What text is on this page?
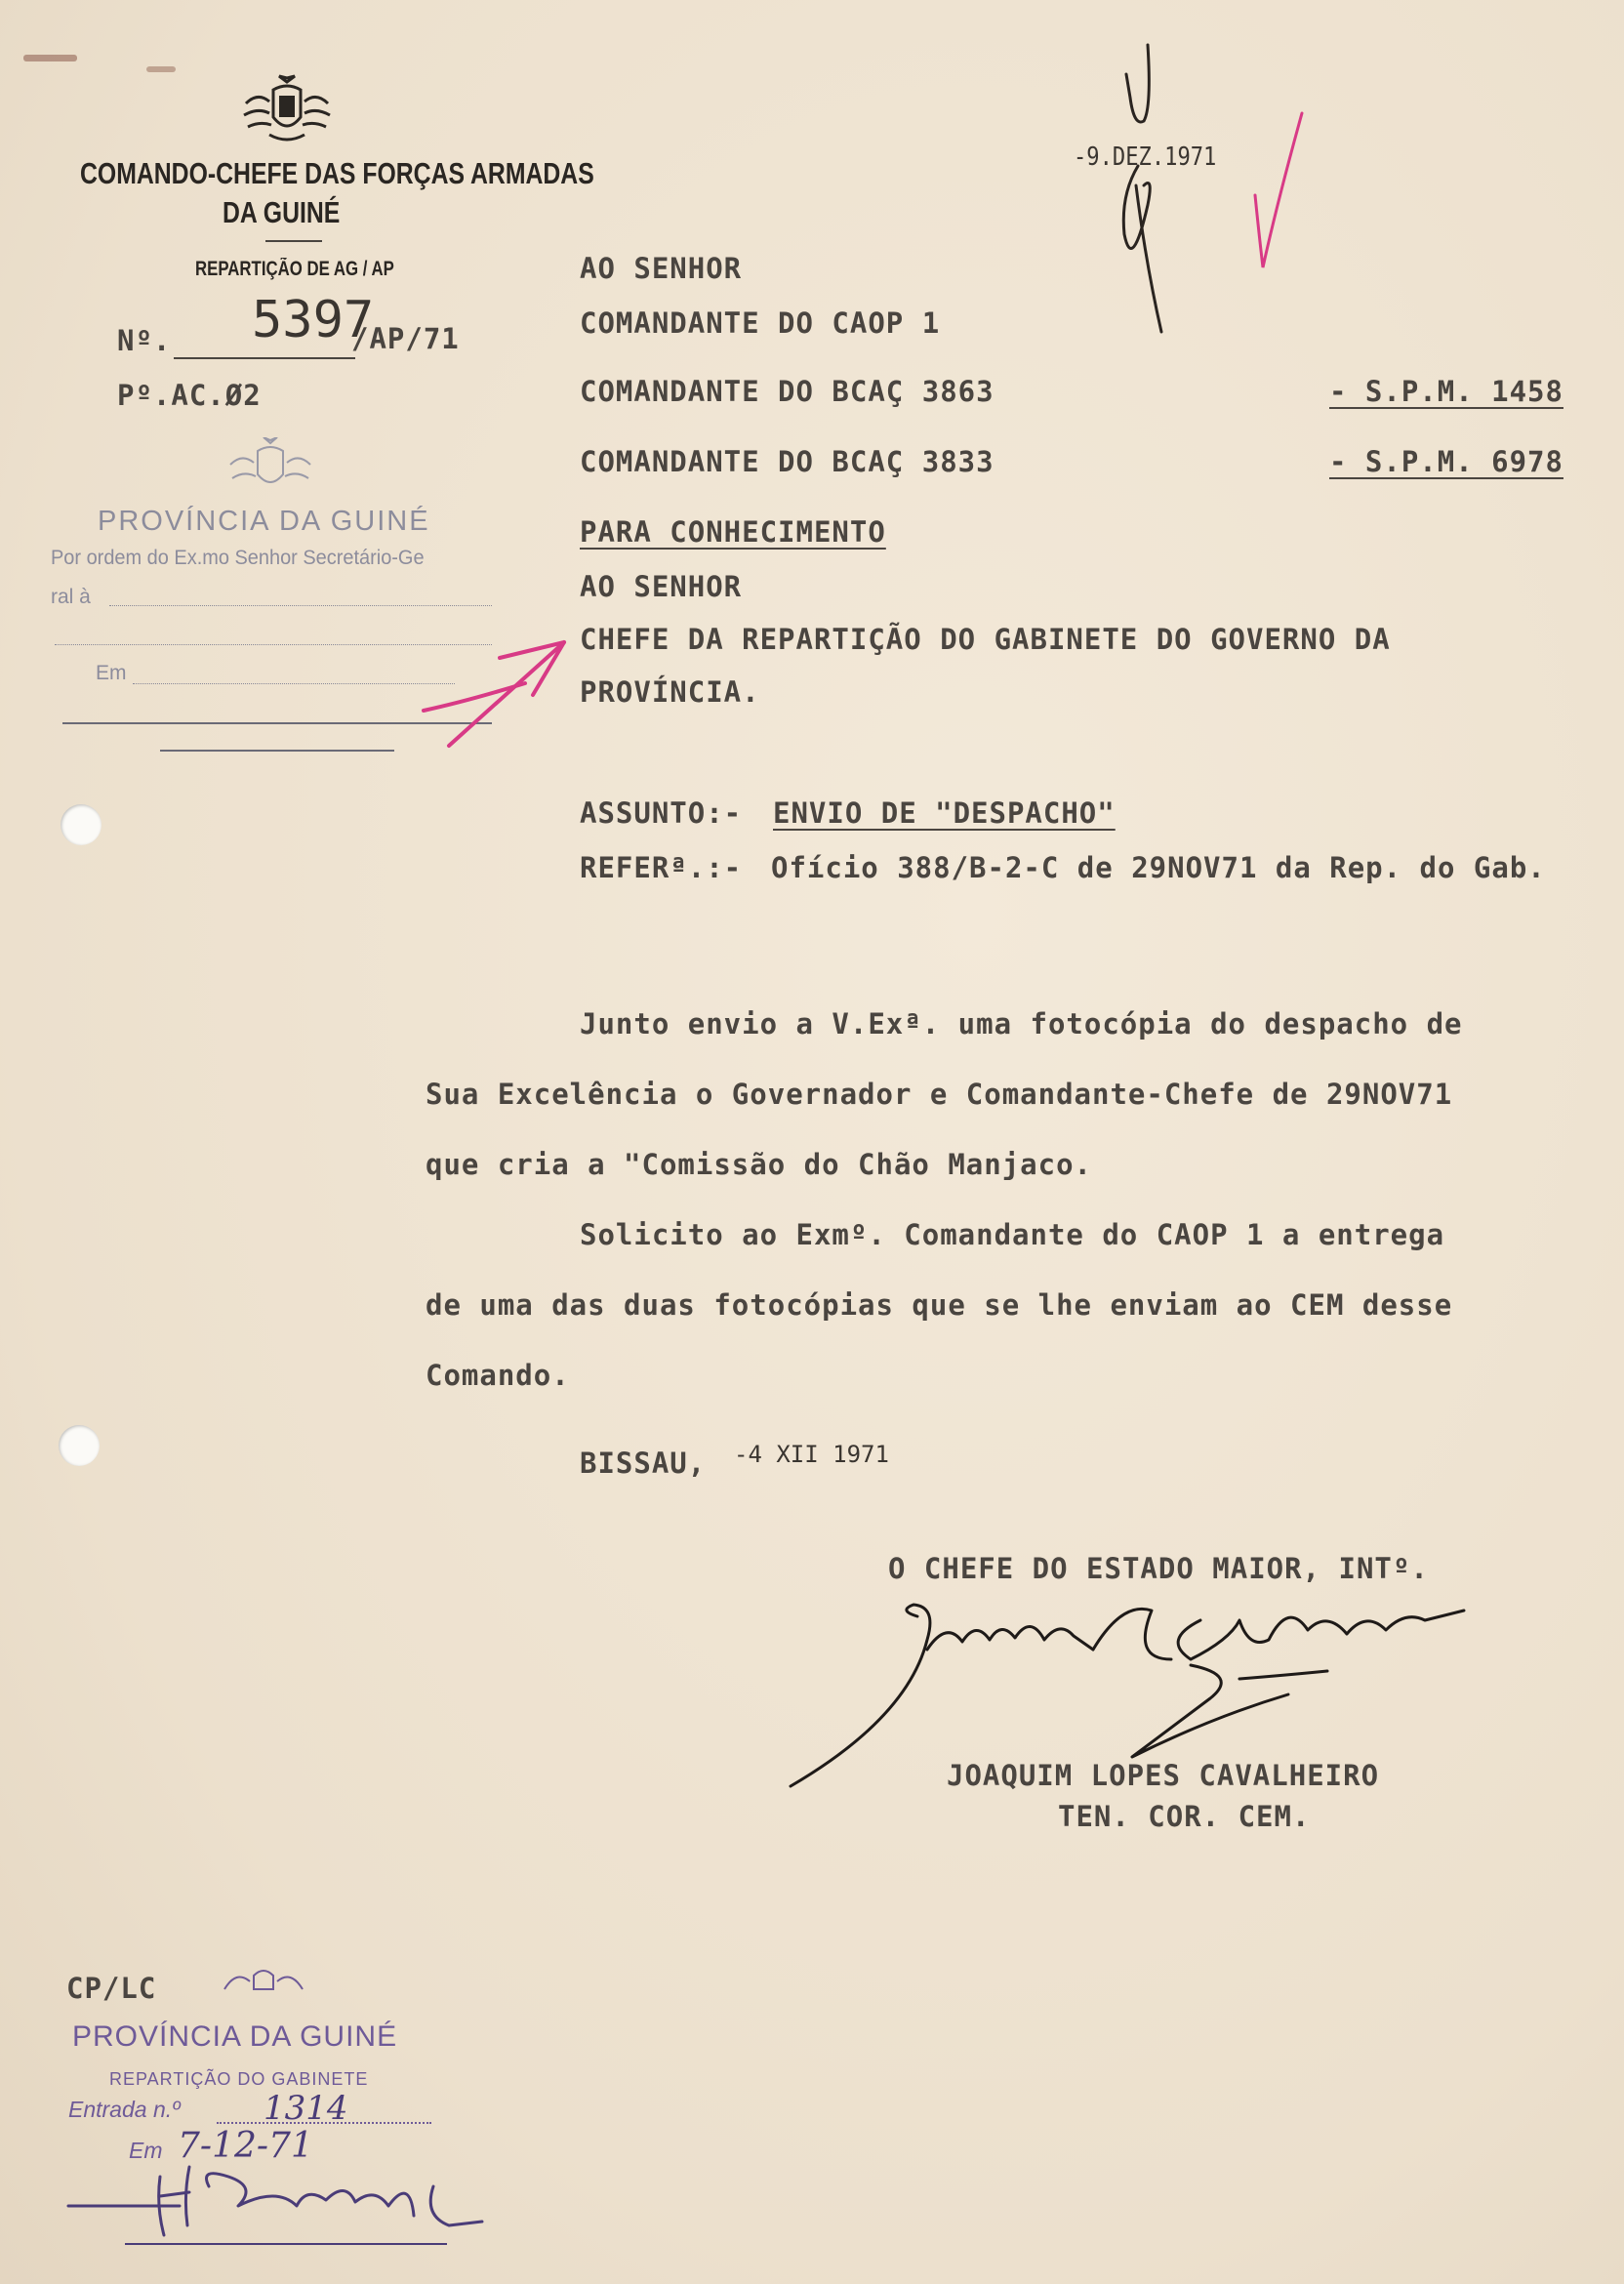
COMANDO-CHEFE DAS FORÇAS ARMADAS
DA GUINÉ
REPARTIÇÃO DE AG / AP
Nº. 5397
/AP/71
Pº.AC.Ø2
PROVÍNCIA DA GUINÉ
Por ordem do Ex.mo Senhor Secretário-Ge
ral à
Em
-9.DEZ.1971
AO SENHOR
COMANDANTE DO CAOP 1
COMANDANTE DO BCAÇ 3863	- S.P.M. 1458
COMANDANTE DO BCAÇ 3833	- S.P.M. 6978
PARA CONHECIMENTO
AO SENHOR
CHEFE DA REPARTIÇÃO DO GABINETE DO GOVERNO DA
PROVÍNCIA.
ASSUNTO:- ENVIO DE "DESPACHO"
REFERª.:- Ofício 388/B-2-C de 29NOV71 da Rep. do Gab.
Junto envio a V.Exª. uma fotocópia do despacho de
Sua Excelência o Governador e Comandante-Chefe de 29NOV71
que cria a "Comissão do Chão Manjaco.
Solicito ao Exmº. Comandante do CAOP 1 a entrega
de uma das duas fotocópias que se lhe enviam ao CEM desse
Comando.
BISSAU, -4 XII 1971
O CHEFE DO ESTADO MAIOR, INTº.
JOAQUIM LOPES CAVALHEIRO
TEN. COR. CEM.
CP/LC
PROVÍNCIA DA GUINÉ
REPARTIÇÃO DO GABINETE
Entrada n.º	1314
Em 7-12-71
